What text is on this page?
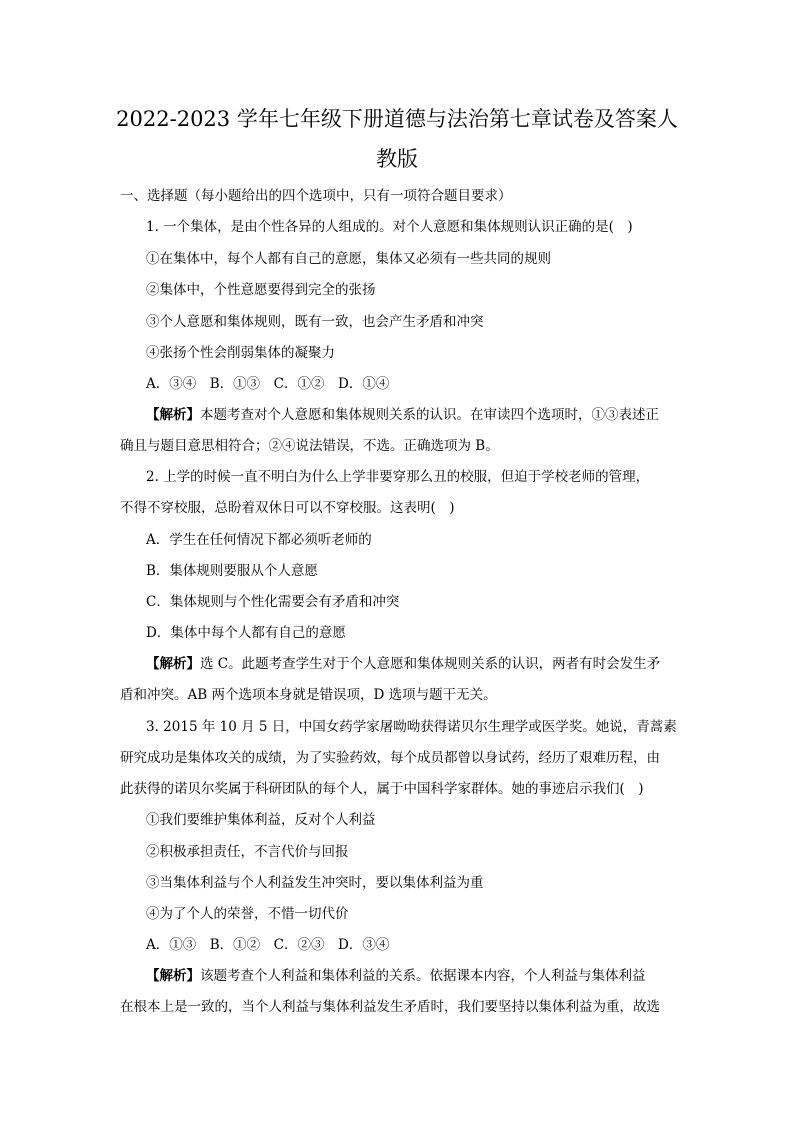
2022-2023 学年七年级下册道德与法治第七章试卷及答案人
教版
一、选择题（每小题给出的四个选项中，只有一项符合题目要求）
1. 一个集体，是由个性各异的人组成的。对个人意愿和集体规则认识正确的是(　)
①在集体中，每个人都有自己的意愿，集体又必须有一些共同的规则
②集体中，个性意愿要得到完全的张扬
③个人意愿和集体规则，既有一致，也会产生矛盾和冲突
④张扬个性会削弱集体的凝聚力
A．③④　B．①③　C．①②　D．①④
【解析】本题考查对个人意愿和集体规则关系的认识。在审读四个选项时，①③表述正
确且与题目意思相符合；②④说法错误，不选。正确选项为 B。
2. 上学的时候一直不明白为什么上学非要穿那么丑的校服，但迫于学校老师的管理，
不得不穿校服，总盼着双休日可以不穿校服。这表明(　)
A．学生在任何情况下都必须听老师的
B．集体规则要服从个人意愿
C．集体规则与个性化需要会有矛盾和冲突
D．集体中每个人都有自己的意愿
【解析】选 C。此题考查学生对于个人意愿和集体规则关系的认识，两者有时会发生矛
盾和冲突。AB 两个选项本身就是错误项，D 选项与题干无关。
3. 2015 年 10 月 5 日，中国女药学家屠呦呦获得诺贝尔生理学或医学奖。她说，青蒿素
研究成功是集体攻关的成绩，为了实验药效，每个成员都曾以身试药，经历了艰难历程，由
此获得的诺贝尔奖属于科研团队的每个人，属于中国科学家群体。她的事迹启示我们(　)
①我们要维护集体利益，反对个人利益
②积极承担责任，不言代价与回报
③当集体利益与个人利益发生冲突时，要以集体利益为重
④为了个人的荣誉，不惜一切代价
A．①③　B．①②　C．②③　D．③④
【解析】该题考查个人利益和集体利益的关系。依据课本内容，个人利益与集体利益
在根本上是一致的，当个人利益与集体利益发生矛盾时，我们要坚持以集体利益为重，故选
